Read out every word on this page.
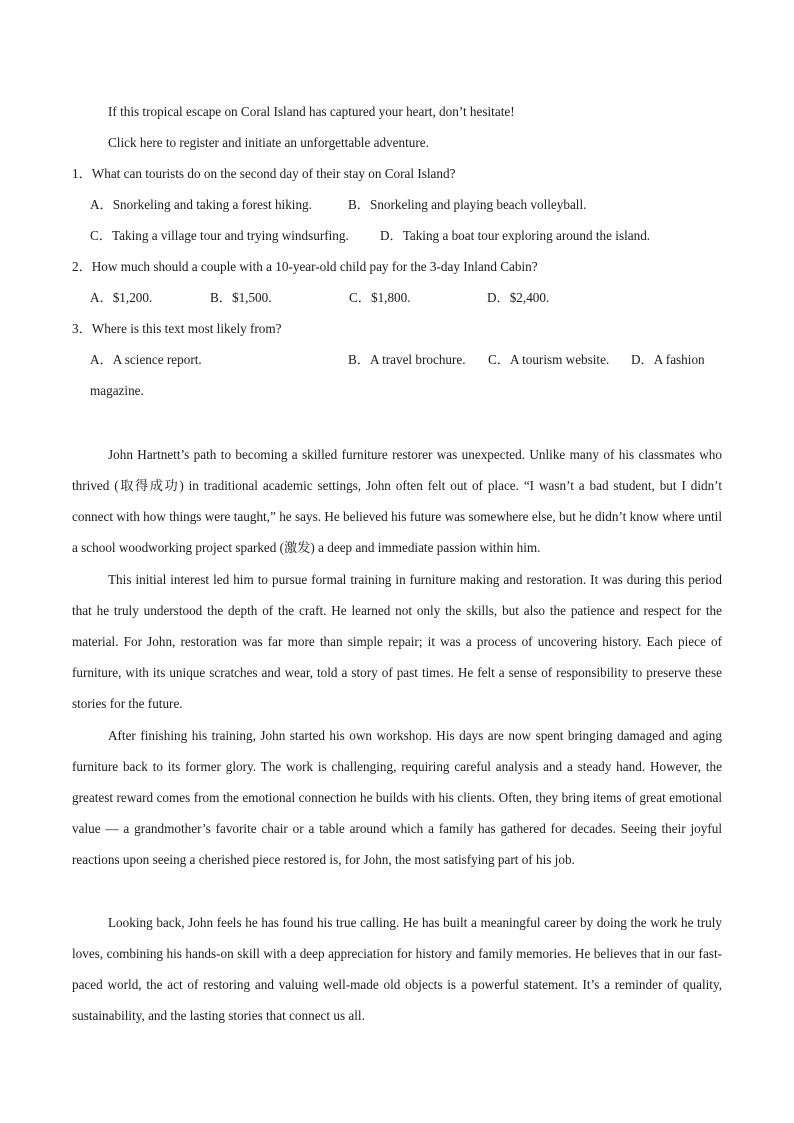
If this tropical escape on Coral Island has captured your heart, don’t hesitate!
Click here to register and initiate an unforgettable adventure.
1．What can tourists do on the second day of their stay on Coral Island?
A．Snorkeling and taking a forest hiking.	B．Snorkeling and playing beach volleyball.
C．Taking a village tour and trying windsurfing. D．Taking a boat tour exploring around the island.
2．How much should a couple with a 10-year-old child pay for the 3-day Inland Cabin?
A．$1,200.	B．$1,500.	C．$1,800.	D．$2,400.
3．Where is this text most likely from?
A．A science report.	B．A travel brochure. C．A tourism website. D．A fashion
magazine.
John Hartnett’s path to becoming a skilled furniture restorer was unexpected. Unlike many of his classmates who thrived (取得成功) in traditional academic settings, John often felt out of place. “I wasn’t a bad student, but I didn’t connect with how things were taught,” he says. He believed his future was somewhere else, but he didn’t know where until a school woodworking project sparked (激发) a deep and immediate passion within him.
This initial interest led him to pursue formal training in furniture making and restoration. It was during this period that he truly understood the depth of the craft. He learned not only the skills, but also the patience and respect for the material. For John, restoration was far more than simple repair; it was a process of uncovering history. Each piece of furniture, with its unique scratches and wear, told a story of past times. He felt a sense of responsibility to preserve these stories for the future.
After finishing his training, John started his own workshop. His days are now spent bringing damaged and aging furniture back to its former glory. The work is challenging, requiring careful analysis and a steady hand. However, the greatest reward comes from the emotional connection he builds with his clients. Often, they bring items of great emotional value — a grandmother’s favorite chair or a table around which a family has gathered for decades. Seeing their joyful reactions upon seeing a cherished piece restored is, for John, the most satisfying part of his job.
Looking back, John feels he has found his true calling. He has built a meaningful career by doing the work he truly loves, combining his hands-on skill with a deep appreciation for history and family memories. He believes that in our fast-paced world, the act of restoring and valuing well-made old objects is a powerful statement. It’s a reminder of quality, sustainability, and the lasting stories that connect us all.
